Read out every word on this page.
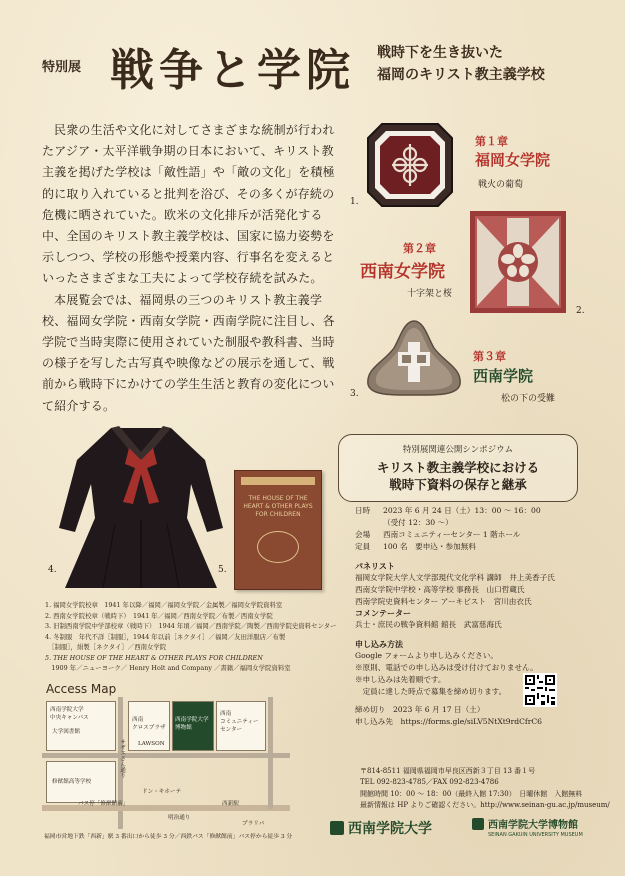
特別展 戦争と学院 戦時下を生き抜いた
福岡のキリスト教主義学校

民衆の生活や文化に対してさまざまな統制が行われたアジア・太平洋戦争期の日本において、キリスト教主義を掲げた学校は「敵性語」や「敵の文化」を積極的に取り入れていると批判を浴び、その多くが存続の危機に晒されていた。欧米の文化排斥が活発化する中、全国のキリスト教主義学校は、国家に協力姿勢を示しつつ、学校の形態や授業内容、行事名を変えるといったさまざまな工夫によって学校存続を試みた。

本展覧会では、福岡県の三つのキリスト教主義学校、福岡女学院・西南女学院・西南学院に注目し、各学院で当時実際に使用されていた制服や教科書、当時の様子を写した古写真や映像などの展示を通して、戦前から戦時下にかけての学生生活と教育の変化について紹介する。

1.
第１章
福岡女学院
戦火の葡萄
第２章
西南女学院
十字架と桜
2.
3.
第３章
西南学院
松の下の受難
4.
THE HOUSE OF THE HEART & OTHER PLAYS FOR CHILDREN
5.
1. 福岡女学院校章　1941 年以降／福岡／福岡女学院／金属製／福岡女学院資料室
2. 西南女学院校章（戦時下）　1941 年／福岡／西南女学院／布製／西南女学院
3. 旧制西南学院中学部校章（戦時下）　1944 年頃／福岡／西南学院／陶製／西南学院史資料センター
4. 冬制服　年代不詳［制服］，1944 年以前［ネクタイ］／福岡／友田洋服店／布製
　［制服］，絹製［ネクタイ］／西南女学院
5. THE HOUSE OF THE HEART & OTHER PLAYS FOR CHILDREN
　1909 年／ニューヨーク／ Henry Holt and Company ／書籍／福岡女学院資料室
Access Map
西南学院大学
中央キャンパス
大学図書館
西南
クロスプラザ
西南学院大学
博物館
西南
コミュニティー
センター
サザエさん通り LAWSON
修猷館高等学校
ドン・キホーテ
バス停「修猷館前」	西新駅
明治通り
プラリバ
福岡市営地下鉄「西新」駅 3 番出口から徒歩 3 分／西鉄バス「修猷館前」バス停から徒歩 3 分
特別展関連公開シンポジウム
キリスト教主義学校における
戦時下資料の保存と継承
日時 2023 年 6 月 24 日（土）13：00 ～ 16：00
（受付 12：30 ～）
会場 西南コミュニティーセンター 1 階ホール
定員 100 名　要申込・参加無料
パネリスト
福岡女学院大学人文学部現代文化学科 講師　井上美香子氏
西南女学院中学校・高等学校 事務長　山口哲蔵氏
西南学院史資料センター アーキビスト　宮川由衣氏
コメンテーター
兵士・庶民の戦争資料館 館長　武富慈海氏
申し込み方法
Google フォームより申し込みください。
※原則、電話での申し込みは受け付けておりません。
※申し込みは先着順です。
　定員に達した時点で募集を締め切ります。
締め切り　2023 年 6 月 17 日（土）
申し込み先　https://forms.gle/siLV5NtXt9rdCfrC6
〒814-8511 福岡県福岡市早良区西新３丁目 13 番１号
TEL 092-823-4785／FAX 092-823-4786
開館時間 10：00 ～ 18：00（最終入館 17:30）　日曜休館　入館無料
最新情報は HP よりご確認ください。http://www.seinan-gu.ac.jp/museum/
西南学院大学	西南学院大学博物館
SEINAN GAKUIN UNIVERSITY MUSEUM
